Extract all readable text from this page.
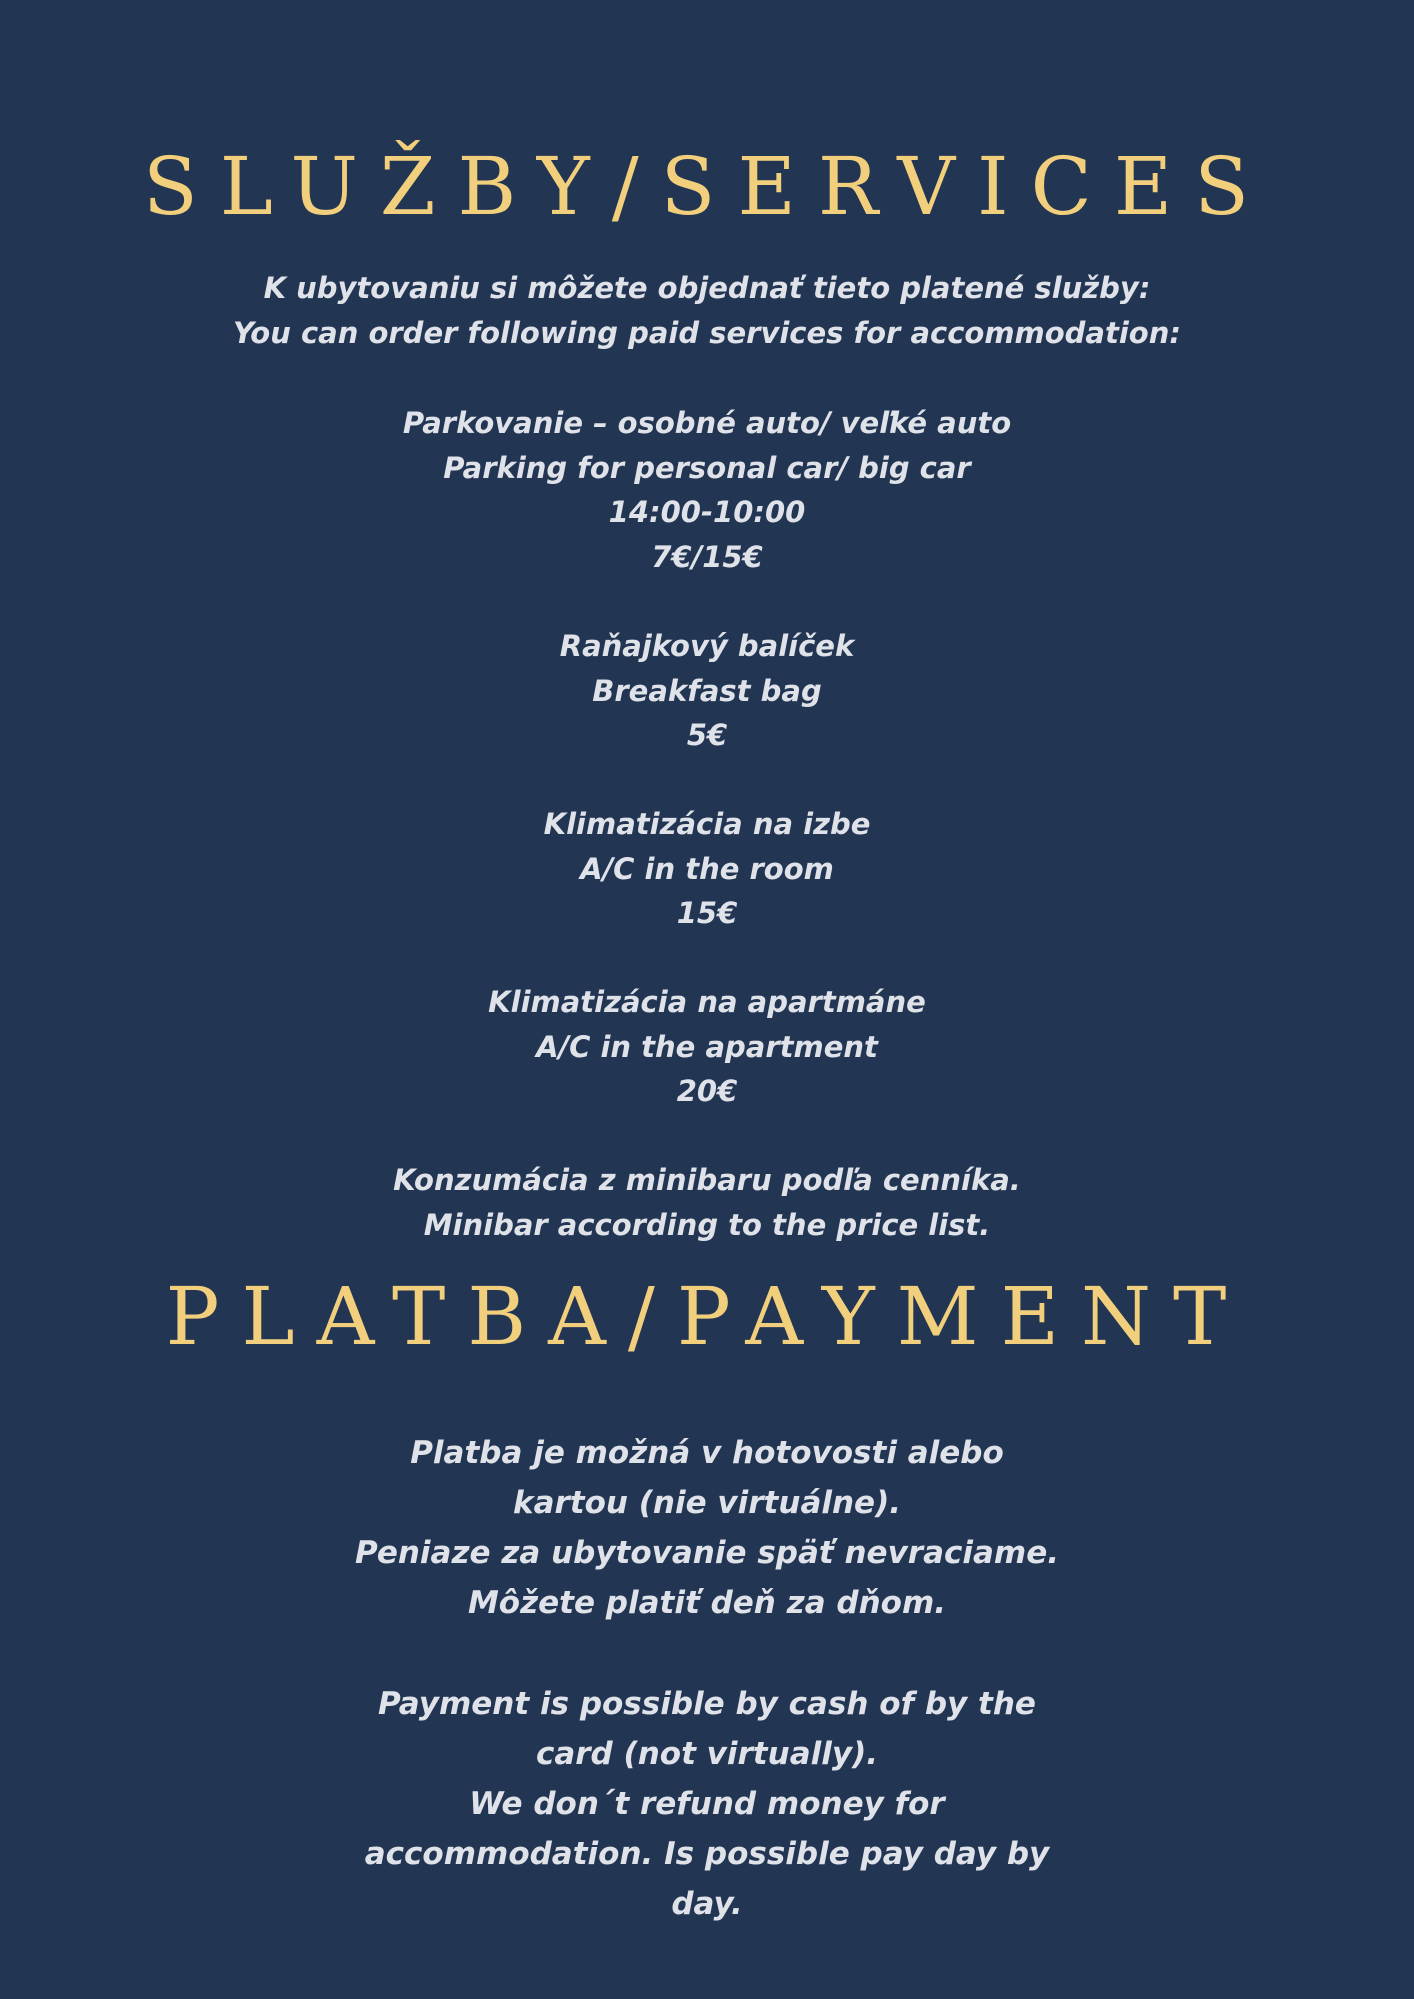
SLUŽBY/SERVICES
K ubytovaniu si môžete objednať tieto platené služby:
You can order following paid services for accommodation:
Parkovanie – osobné auto/ veľké auto
Parking for personal car/ big car
14:00-10:00
7€/15€
Raňajkový balíček
Breakfast bag
5€
Klimatizácia na izbe
A/C in the room
15€
Klimatizácia na apartmáne
A/C in the apartment
20€
Konzumácia z minibaru podľa cenníka.
Minibar according to the price list.
PLATBA/PAYMENT
Platba je možná v hotovosti alebo
kartou (nie virtuálne).
Peniaze za ubytovanie späť nevraciame.
Môžete platiť deň za dňom.
Payment is possible by cash of by the
card (not virtually).
We don´t refund money for
accommodation. Is possible pay day by
day.
